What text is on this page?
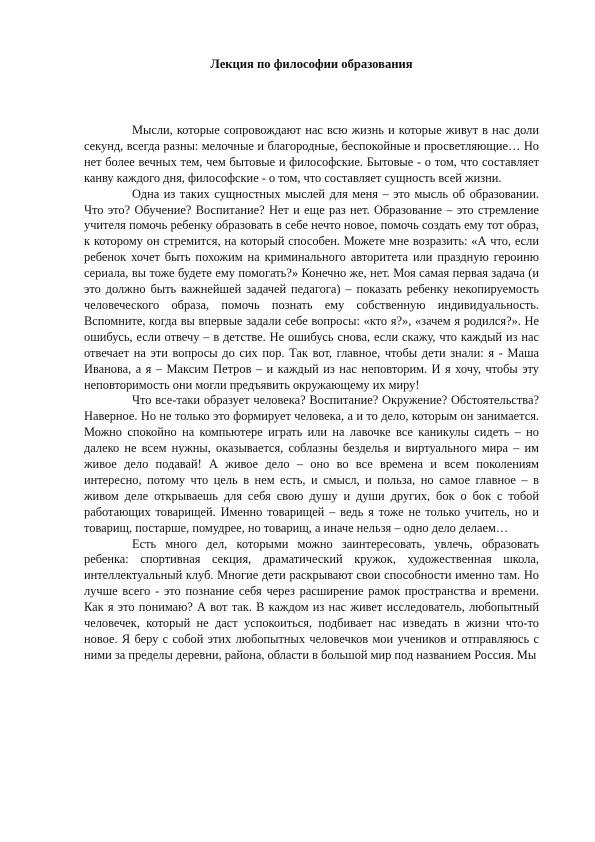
Лекция по философии образования

Мысли, которые сопровождают нас всю жизнь и которые живут в нас доли секунд, всегда разны: мелочные и благородные, беспокойные и просветляющие… Но нет более вечных тем, чем бытовые и философские. Бытовые - о том, что составляет канву каждого дня, философские - о том, что составляет сущность всей жизни.

Одна из таких сущностных мыслей для меня – это мысль об образовании. Что это? Обучение? Воспитание? Нет и еще раз нет. Образование – это стремление учителя помочь ребенку образовать в себе нечто новое, помочь создать ему тот образ, к которому он стремится, на который способен. Можете мне возразить: «А что, если ребенок хочет быть похожим на криминального авторитета или праздную героиню сериала, вы тоже будете ему помогать?» Конечно же, нет. Моя самая первая задача (и это должно быть важнейшей задачей педагога) – показать ребенку некопируемость человеческого образа, помочь познать ему собственную индивидуальность. Вспомните, когда вы впервые задали себе вопросы: «кто я?», «зачем я родился?». Не ошибусь, если отвечу – в детстве. Не ошибусь снова, если скажу, что каждый из нас отвечает на эти вопросы до сих пор. Так вот, главное, чтобы дети знали: я - Маша Иванова, а я – Максим Петров – и каждый из нас неповторим. И я хочу, чтобы эту неповторимость они могли предъявить окружающему их миру!

Что все-таки образует человека? Воспитание? Окружение? Обстоятельства? Наверное. Но не только это формирует человека, а и то дело, которым он занимается. Можно спокойно на компьютере играть или на лавочке все каникулы сидеть – но далеко не всем нужны, оказывается, соблазны безделья и виртуального мира – им живое дело подавай! А живое дело – оно во все времена и всем поколениям интересно, потому что цель в нем есть, и смысл, и польза, но самое главное – в живом деле открываешь для себя свою душу и души других, бок о бок с тобой работающих товарищей. Именно товарищей – ведь я тоже не только учитель, но и товарищ, постарше, помудрее, но товарищ, а иначе нельзя – одно дело делаем…

Есть много дел, которыми можно заинтересовать, увлечь, образовать ребенка: спортивная секция, драматический кружок, художественная школа, интеллектуальный клуб. Многие дети раскрывают свои способности именно там. Но лучше всего - это познание себя через расширение рамок пространства и времени. Как я это понимаю? А вот так. В каждом из нас живет исследователь, любопытный человечек, который не даст успокоиться, подбивает нас изведать в жизни что-то новое. Я беру с собой этих любопытных человечков мои учеников и отправляюсь с ними за пределы деревни, района, области в большой мир под названием Россия. Мы
